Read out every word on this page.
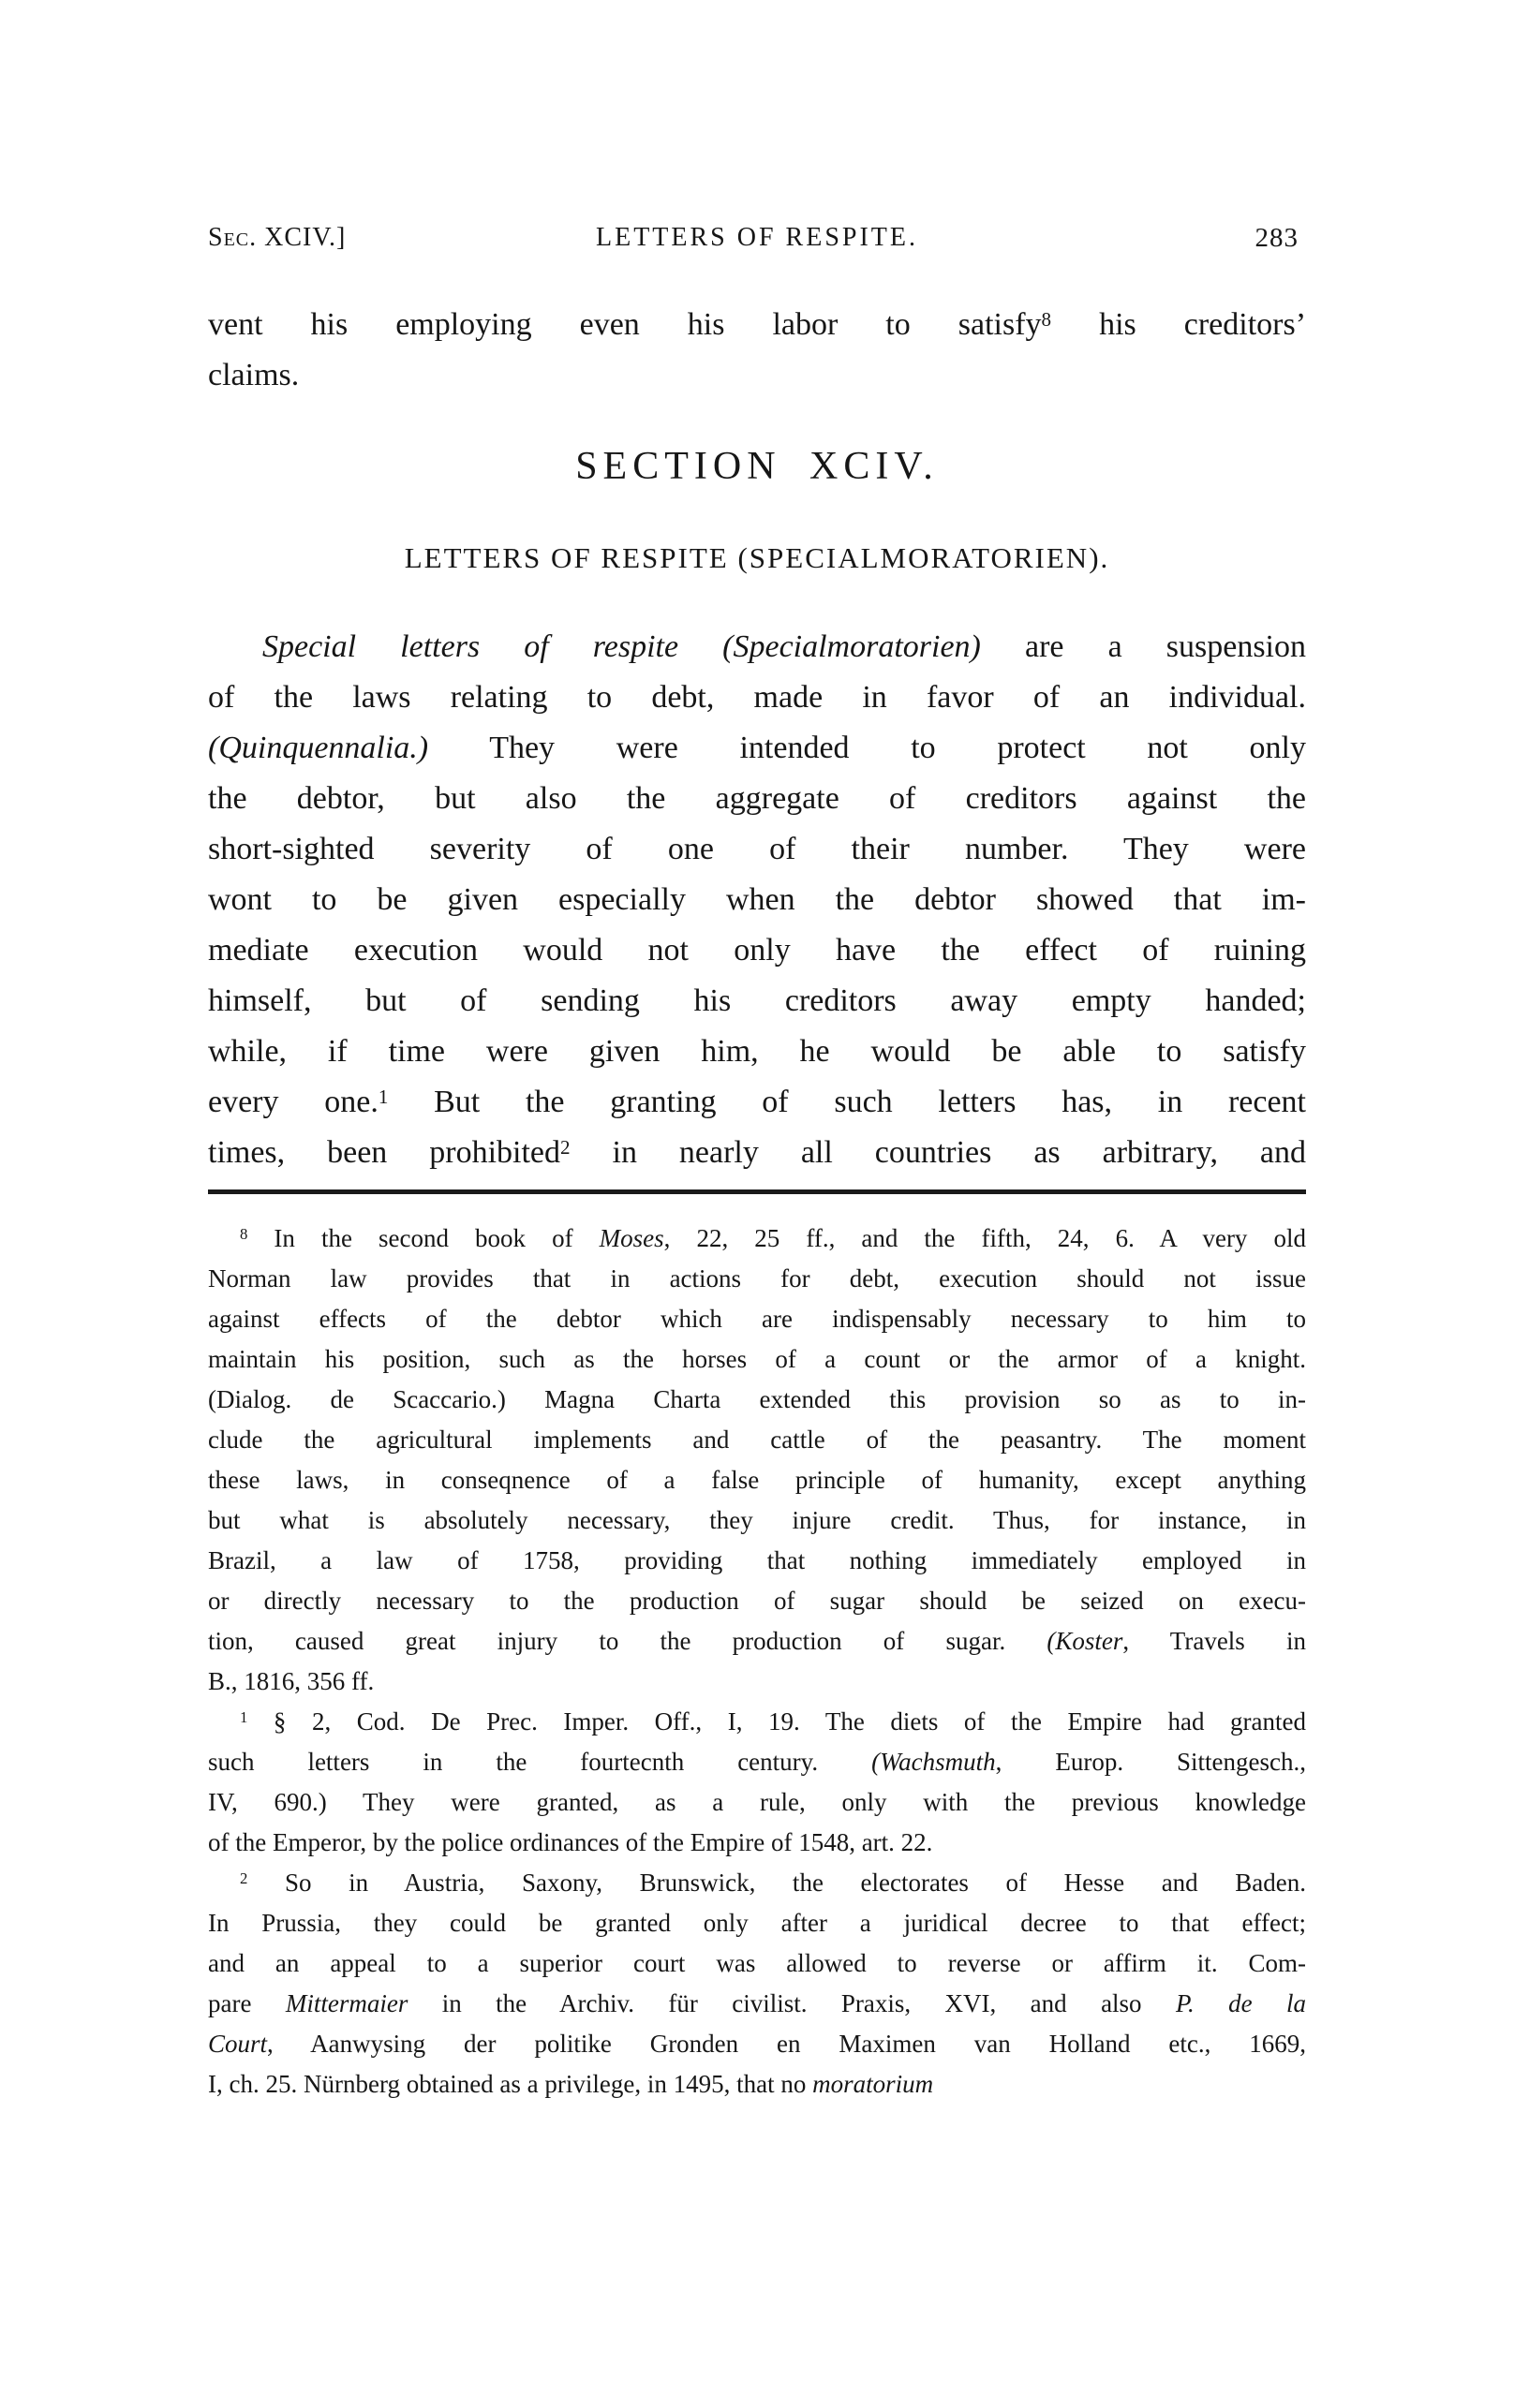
Sec. XCIV.]	LETTERS OF RESPITE.	283
vent his employing even his labor to satisfy$^8$ his creditors’
claims.
SECTION XCIV.
LETTERS OF RESPITE (SPECIALMORATORIEN).
Special letters of respite (Specialmoratorien) are a suspension
of the laws relating to debt, made in favor of an individual.
(Quinquennalia.) They were intended to protect not only
the debtor, but also the aggregate of creditors against the
short-sighted severity of one of their number. They were
wont to be given especially when the debtor showed that im-
mediate execution would not only have the effect of ruining
himself, but of sending his creditors away empty handed;
while, if time were given him, he would be able to satisfy
every one.$^1$ But the granting of such letters has, in recent
times, been prohibited$^2$ in nearly all countries as arbitrary, and
$^8$ In the second book of Moses, 22, 25 ff., and the fifth, 24, 6. A very old
Norman law provides that in actions for debt, execution should not issue
against effects of the debtor which are indispensably necessary to him to
maintain his position, such as the horses of a count or the armor of a knight.
(Dialog. de Scaccario.) Magna Charta extended this provision so as to in-
clude the agricultural implements and cattle of the peasantry. The moment
these laws, in conseqnence of a false principle of humanity, except anything
but what is absolutely necessary, they injure credit. Thus, for instance, in
Brazil, a law of 1758, providing that nothing immediately employed in
or directly necessary to the production of sugar should be seized on execu-
tion, caused great injury to the production of sugar. (Koster, Travels in
B., 1816, 356 ff.
$^1$ § 2, Cod. De Prec. Imper. Off., I, 19. The diets of the Empire had granted
such letters in the fourtecnth century. (Wachsmuth, Europ. Sittengesch.,
IV, 690.) They were granted, as a rule, only with the previous knowledge
of the Emperor, by the police ordinances of the Empire of 1548, art. 22.
$^2$ So in Austria, Saxony, Brunswick, the electorates of Hesse and Baden.
In Prussia, they could be granted only after a juridical decree to that effect;
and an appeal to a superior court was allowed to reverse or affirm it. Com-
pare Mittermaier in the Archiv. für civilist. Praxis, XVI, and also P. de la
Court, Aanwysing der politike Gronden en Maximen van Holland etc., 1669,
I, ch. 25. Nürnberg obtained as a privilege, in 1495, that no moratorium
